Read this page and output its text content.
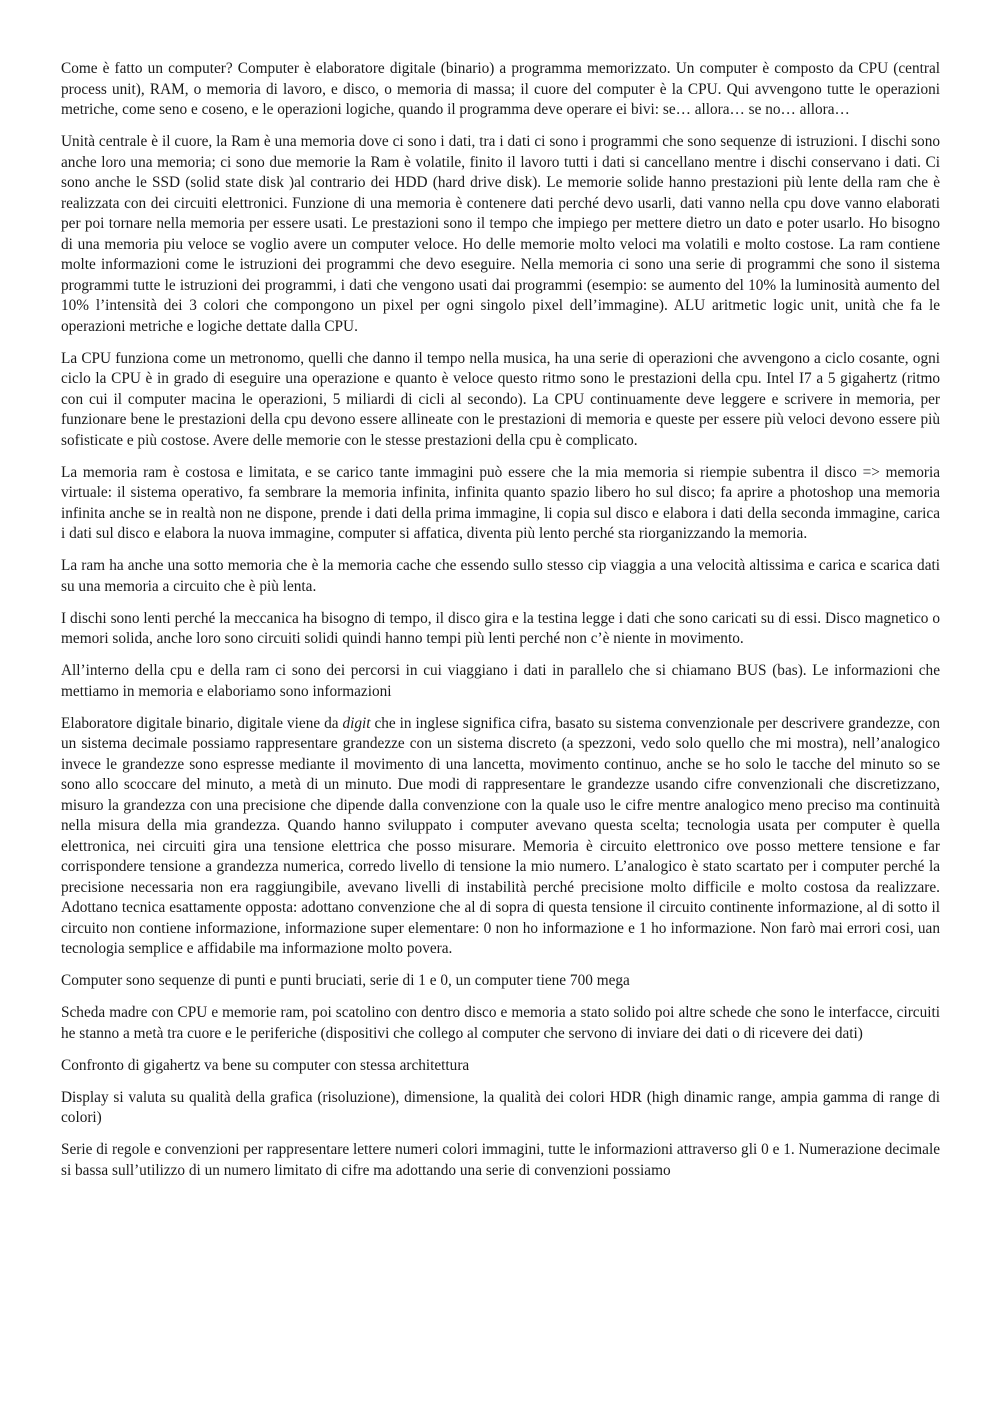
Come è fatto un computer? Computer è elaboratore digitale (binario) a programma memorizzato. Un computer è composto da CPU (central process unit), RAM, o memoria di lavoro, e disco, o memoria di massa; il cuore del computer è la CPU. Qui avvengono tutte le operazioni metriche, come seno e coseno, e le operazioni logiche, quando il programma deve operare ei bivi: se… allora… se no… allora…

Unità centrale è il cuore, la Ram è una memoria dove ci sono i dati, tra i dati ci sono i programmi che sono sequenze di istruzioni. I dischi sono anche loro una memoria; ci sono due memorie la Ram è volatile, finito il lavoro tutti i dati si cancellano mentre i dischi conservano i dati. Ci sono anche le SSD (solid state disk )al contrario dei HDD (hard drive disk). Le memorie solide hanno prestazioni più lente della ram che è realizzata con dei circuiti elettronici. Funzione di una memoria è contenere dati perché devo usarli, dati vanno nella cpu dove vanno elaborati per poi tornare nella memoria per essere usati. Le prestazioni sono il tempo che impiego per mettere dietro un dato e poter usarlo. Ho bisogno di una memoria piu veloce se voglio avere un computer veloce. Ho delle memorie molto veloci ma volatili e molto costose. La ram contiene molte informazioni come le istruzioni dei programmi che devo eseguire. Nella memoria ci sono una serie di programmi che sono il sistema programmi tutte le istruzioni dei programmi, i dati che vengono usati dai programmi (esempio: se aumento del 10% la luminosità aumento del 10% l’intensità dei 3 colori che compongono un pixel per ogni singolo pixel dell’immagine). ALU aritmetic logic unit, unità che fa le operazioni metriche e logiche dettate dalla CPU.

La CPU funziona come un metronomo, quelli che danno il tempo nella musica, ha una serie di operazioni che avvengono a ciclo cosante, ogni ciclo la CPU è in grado di eseguire una operazione e quanto è veloce questo ritmo sono le prestazioni della cpu. Intel I7 a 5 gigahertz (ritmo con cui il computer macina le operazioni, 5 miliardi di cicli al secondo). La CPU continuamente deve leggere e scrivere in memoria, per funzionare bene le prestazioni della cpu devono essere allineate con le prestazioni di memoria e queste per essere più veloci devono essere più sofisticate e più costose. Avere delle memorie con le stesse prestazioni della cpu è complicato.

La memoria ram è costosa e limitata, e se carico tante immagini può essere che la mia memoria si riempie subentra il disco => memoria virtuale: il sistema operativo, fa sembrare la memoria infinita, infinita quanto spazio libero ho sul disco; fa aprire a photoshop una memoria infinita anche se in realtà non ne dispone, prende i dati della prima immagine, li copia sul disco e elabora i dati della seconda immagine, carica i dati sul disco e elabora la nuova immagine, computer si affatica, diventa più lento perché sta riorganizzando la memoria.

La ram ha anche una sotto memoria che è la memoria cache che essendo sullo stesso cip viaggia a una velocità altissima e carica e scarica dati su una memoria a circuito che è più lenta.

I dischi sono lenti perché la meccanica ha bisogno di tempo, il disco gira e la testina legge i dati che sono caricati su di essi. Disco magnetico o memori solida, anche loro sono circuiti solidi quindi hanno tempi più lenti perché non c’è niente in movimento.

All’interno della cpu e della ram ci sono dei percorsi in cui viaggiano i dati in parallelo che si chiamano BUS (bas). Le informazioni che mettiamo in memoria e elaboriamo sono informazioni

Elaboratore digitale binario, digitale viene da digit che in inglese significa cifra, basato su sistema convenzionale per descrivere grandezze, con un sistema decimale possiamo rappresentare grandezze con un sistema discreto (a spezzoni, vedo solo quello che mi mostra), nell’analogico invece le grandezze sono espresse mediante il movimento di una lancetta, movimento continuo, anche se ho solo le tacche del minuto so se sono allo scoccare del minuto, a metà di un minuto. Due modi di rappresentare le grandezze usando cifre convenzionali che discretizzano, misuro la grandezza con una precisione che dipende dalla convenzione con la quale uso le cifre mentre analogico meno preciso ma continuità nella misura della mia grandezza. Quando hanno sviluppato i computer avevano questa scelta; tecnologia usata per computer è quella elettronica, nei circuiti gira una tensione elettrica che posso misurare. Memoria è circuito elettronico ove posso mettere tensione e far corrispondere tensione a grandezza numerica, corredo livello di tensione la mio numero. L’analogico è stato scartato per i computer perché la precisione necessaria non era raggiungibile, avevano livelli di instabilità perché precisione molto difficile e molto costosa da realizzare. Adottano tecnica esattamente opposta: adottano convenzione che al di sopra di questa tensione il circuito continente informazione, al di sotto il circuito non contiene informazione, informazione super elementare: 0 non ho informazione e 1 ho informazione. Non farò mai errori cosi, uan tecnologia semplice e affidabile ma informazione molto povera.

Computer sono sequenze di punti e punti bruciati, serie di 1 e 0, un computer tiene 700 mega

Scheda madre con CPU e memorie ram, poi scatolino con dentro disco e memoria a stato solido poi altre schede che sono le interfacce, circuiti he stanno a metà tra cuore e le periferiche (dispositivi che collego al computer che servono di inviare dei dati o di ricevere dei dati)

Confronto di gigahertz va bene su computer con stessa architettura

Display si valuta su qualità della grafica (risoluzione), dimensione, la qualità dei colori HDR (high dinamic range, ampia gamma di range di colori)

Serie di regole e convenzioni per rappresentare lettere numeri colori immagini, tutte le informazioni attraverso gli 0 e 1. Numerazione decimale si bassa sull’utilizzo di un numero limitato di cifre ma adottando una serie di convenzioni possiamo
